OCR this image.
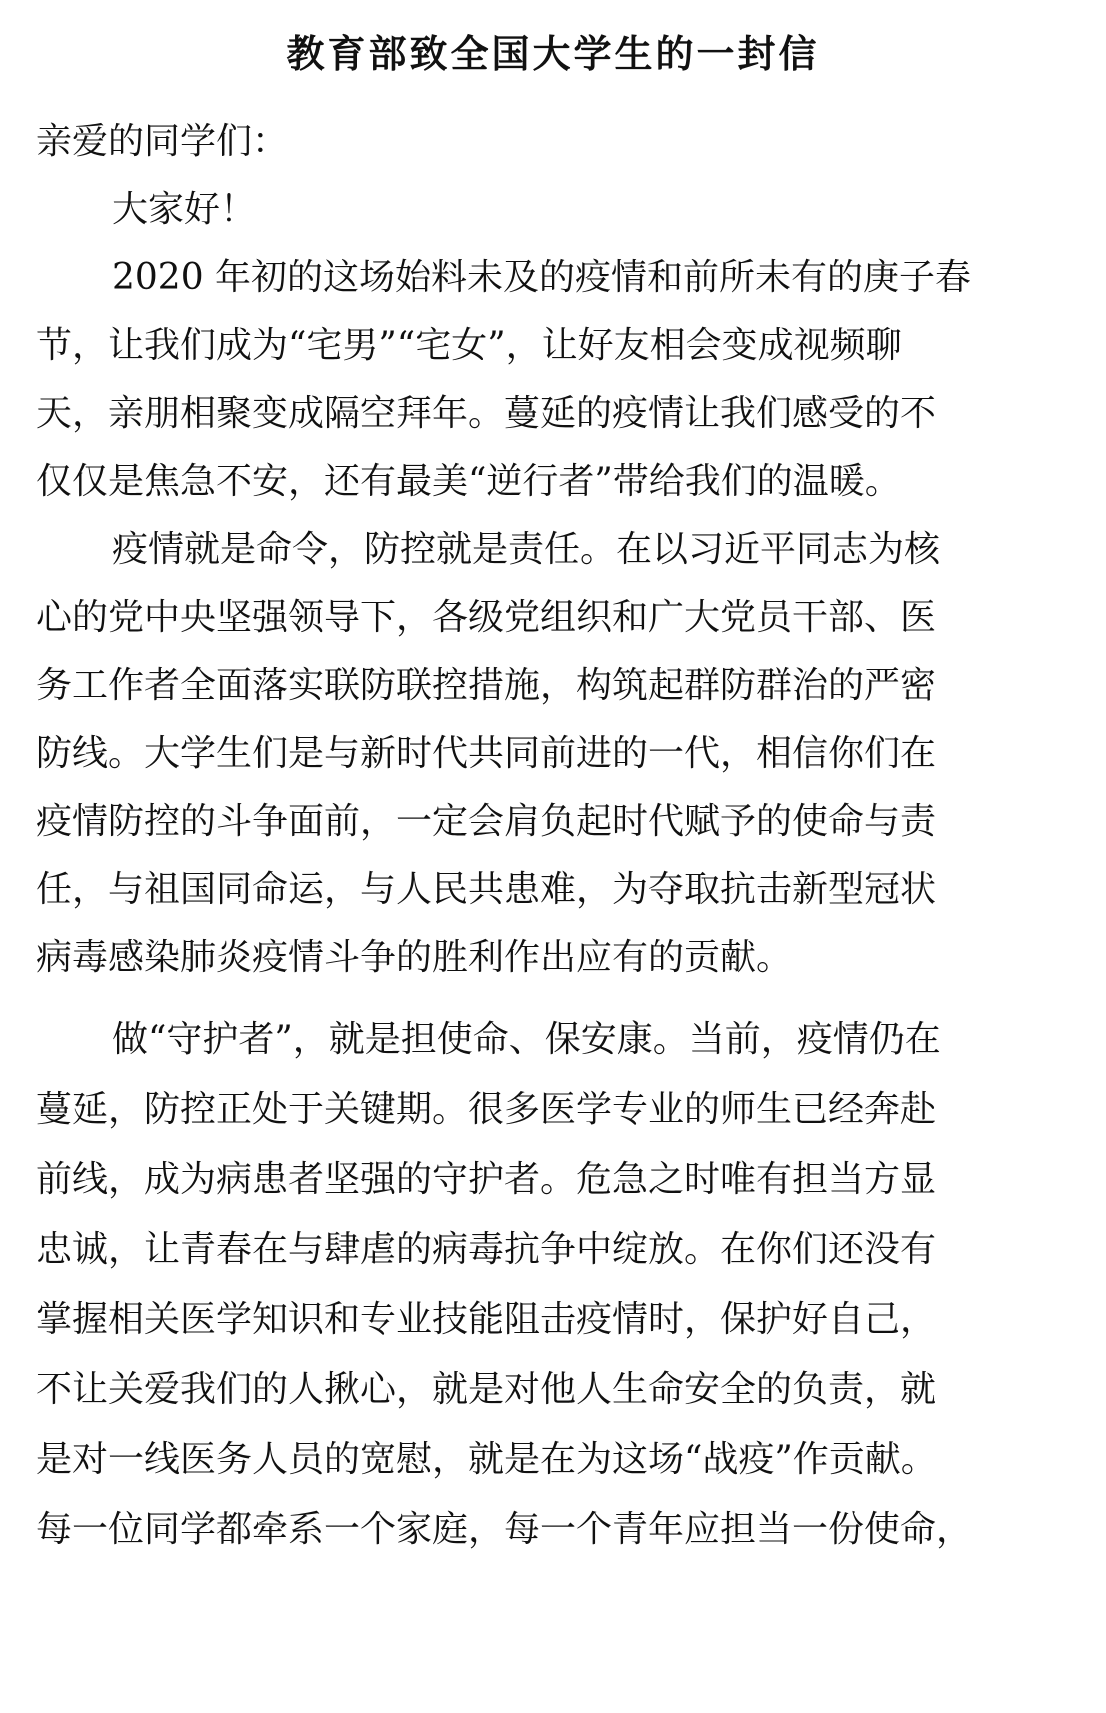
教育部致全国大学生的一封信
亲爱的同学们：
大家好！
2020 年初的这场始料未及的疫情和前所未有的庚子春
节，让我们成为“宅男”“宅女”，让好友相会变成视频聊
天，亲朋相聚变成隔空拜年。蔓延的疫情让我们感受的不
仅仅是焦急不安，还有最美“逆行者”带给我们的温暖。
疫情就是命令，防控就是责任。在以习近平同志为核
心的党中央坚强领导下，各级党组织和广大党员干部、医
务工作者全面落实联防联控措施，构筑起群防群治的严密
防线。大学生们是与新时代共同前进的一代，相信你们在
疫情防控的斗争面前，一定会肩负起时代赋予的使命与责
任，与祖国同命运，与人民共患难，为夺取抗击新型冠状
病毒感染肺炎疫情斗争的胜利作出应有的贡献。
做“守护者”，就是担使命、保安康。当前，疫情仍在
蔓延，防控正处于关键期。很多医学专业的师生已经奔赴
前线，成为病患者坚强的守护者。危急之时唯有担当方显
忠诚，让青春在与肆虐的病毒抗争中绽放。在你们还没有
掌握相关医学知识和专业技能阻击疫情时，保护好自己，
不让关爱我们的人揪心，就是对他人生命安全的负责，就
是对一线医务人员的宽慰，就是在为这场“战疫”作贡献。
每一位同学都牵系一个家庭，每一个青年应担当一份使命，
